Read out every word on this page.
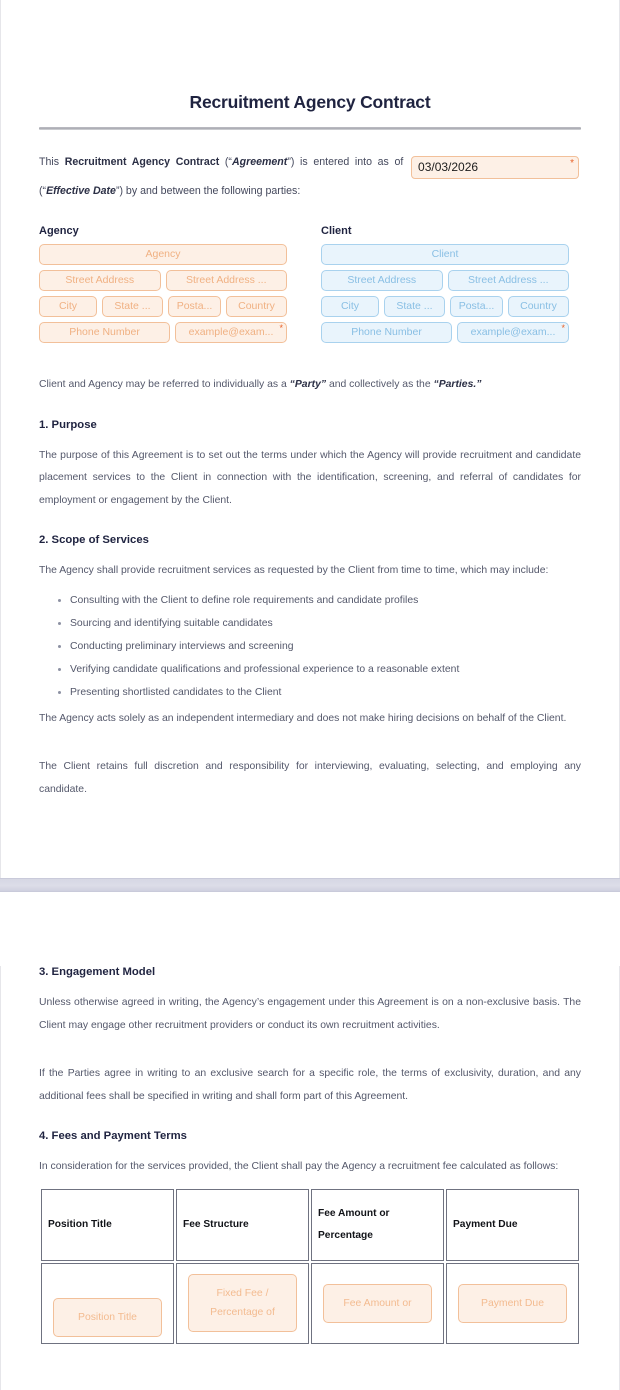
Recruitment Agency Contract

This Recruitment Agency Contract (“Agreement”) is entered into as of 03/03/2026	*
(“Effective Date”) by and between the following parties:

Agency
Agency
Street Address	Street Address ...
City	State ...	Posta...	Country
Phone Number	example@exam... *
Client
Client
Street Address	Street Address ...
City	State ...	Posta...	Country
Phone Number	example@exam... *

Client and Agency may be referred to individually as a “Party” and collectively as the “Parties.”

1. Purpose

The purpose of this Agreement is to set out the terms under which the Agency will provide recruitment and candidate placement services to the Client in connection with the identification, screening, and referral of candidates for employment or engagement by the Client.

2. Scope of Services

The Agency shall provide recruitment services as requested by the Client from time to time, which may include:

• Consulting with the Client to define role requirements and candidate profiles
• Sourcing and identifying suitable candidates
• Conducting preliminary interviews and screening
• Verifying candidate qualifications and professional experience to a reasonable extent
• Presenting shortlisted candidates to the Client

The Agency acts solely as an independent intermediary and does not make hiring decisions on behalf of the Client.

The Client retains full discretion and responsibility for interviewing, evaluating, selecting, and employing any candidate.

3. Engagement Model

Unless otherwise agreed in writing, the Agency’s engagement under this Agreement is on a non-exclusive basis. The Client may engage other recruitment providers or conduct its own recruitment activities.

If the Parties agree in writing to an exclusive search for a specific role, the terms of exclusivity, duration, and any additional fees shall be specified in writing and shall form part of this Agreement.

4. Fees and Payment Terms

In consideration for the services provided, the Client shall pay the Agency a recruitment fee calculated as follows:

Position Title	Fee Structure	Fee Amount or Percentage	Payment Due
Position Title	Fixed Fee / Percentage of	Fee Amount or	Payment Due
